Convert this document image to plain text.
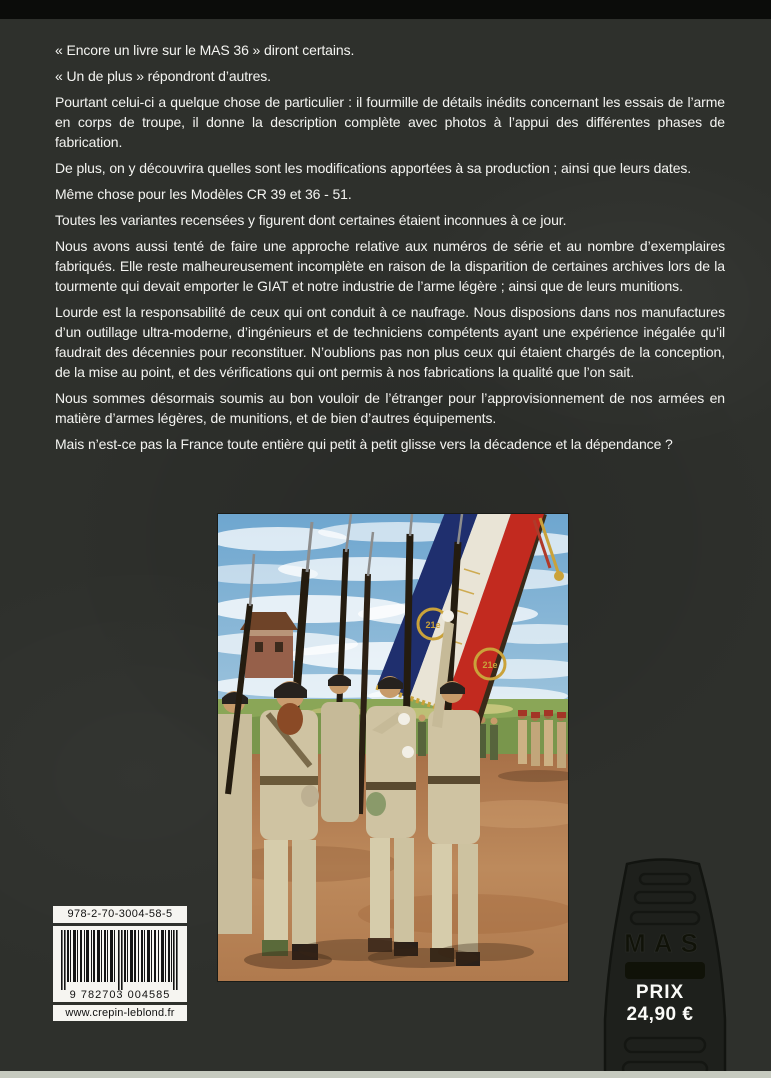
« Encore un livre sur le MAS 36 » diront certains.

« Un de plus » répondront d’autres.

Pourtant celui-ci a quelque chose de particulier : il fourmille de détails inédits concernant les essais de l’arme en corps de troupe, il donne la description complète avec photos à l’appui des différentes phases de fabrication.

De plus, on y découvrira quelles sont les modifications apportées à sa production ; ainsi que leurs dates.

Même chose pour les Modèles CR 39 et 36 - 51.

Toutes les variantes recensées y figurent dont certaines étaient inconnues à ce jour.

Nous avons aussi tenté de faire une approche relative aux numéros de série et au nombre d’exemplaires fabriqués. Elle reste malheureusement incomplète en raison de la disparition de certaines archives lors de la tourmente qui devait emporter le GIAT et notre industrie de l’arme légère ; ainsi que de leurs munitions.

Lourde est la responsabilité de ceux qui ont conduit à ce naufrage. Nous disposions dans nos manufactures d’un outillage ultra-moderne, d’ingénieurs et de techniciens compétents ayant une expérience inégalée qu’il faudrait des décennies pour reconstituer. N’oublions pas non plus ceux qui étaient chargés de la conception, de la mise au point, et des vérifications qui ont permis à nos fabrications la qualité que l’on sait.

Nous sommes désormais soumis au bon vouloir de l’étranger pour l’approvisionnement de nos armées en matière d’armes légères, de munitions, et de bien d’autres équipements.

Mais n’est-ce pas la France toute entière qui petit à petit glisse vers la décadence et la dépendance ?

21e
21e
978-2-70-3004-58-5
9 782703 004585
www.crepin-leblond.fr
MAS
PRIX
24,90 €
